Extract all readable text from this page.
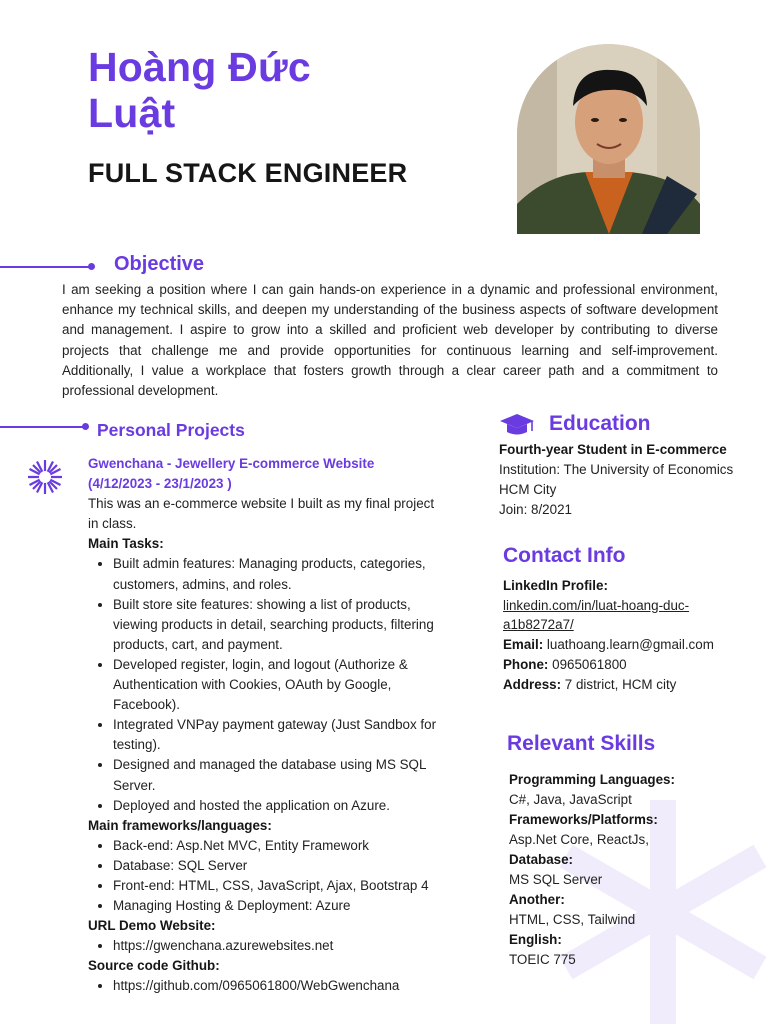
Hoàng Đức
Luật
FULL STACK ENGINEER
Objective
I am seeking a position where I can gain hands-on experience in a dynamic and professional environment, enhance my technical skills, and deepen my understanding of the business aspects of software development and management. I aspire to grow into a skilled and proficient web developer by contributing to diverse projects that challenge me and provide opportunities for continuous learning and self-improvement. Additionally, I value a workplace that fosters growth through a clear career path and a commitment to professional development.
Personal Projects
Gwenchana - Jewellery E-commerce Website
(4/12/2023 - 23/1/2023 )
This was an e-commerce website I built as my final project in class.
Main Tasks:
• Built admin features: Managing products, categories, customers, admins, and roles.
• Built store site features: showing a list of products, viewing products in detail, searching products, filtering products, cart, and payment.
• Developed register, login, and logout (Authorize & Authentication with Cookies, OAuth by Google, Facebook).
• Integrated VNPay payment gateway (Just Sandbox for testing).
• Designed and managed the database using MS SQL Server.
• Deployed and hosted the application on Azure.
Main frameworks/languages:
• Back-end: Asp.Net MVC, Entity Framework
• Database: SQL Server
• Front-end: HTML, CSS, JavaScript, Ajax, Bootstrap 4
• Managing Hosting & Deployment: Azure
URL Demo Website:
• https://gwenchana.azurewebsites.net
Source code Github:
• https://github.com/0965061800/WebGwenchana
Education
Fourth-year Student in E-commerce
Institution: The University of Economics HCM City
Join: 8/2021
Contact Info
LinkedIn Profile:
linkedin.com/in/luat-hoang-duc-
a1b8272a7/
Email: luathoang.learn@gmail.com
Phone: 0965061800
Address: 7 district, HCM city
Relevant Skills
Programming Languages:
C#, Java, JavaScript
Frameworks/Platforms:
Asp.Net Core, ReactJs,
Database:
MS SQL Server
Another:
HTML, CSS, Tailwind
English:
TOEIC 775
